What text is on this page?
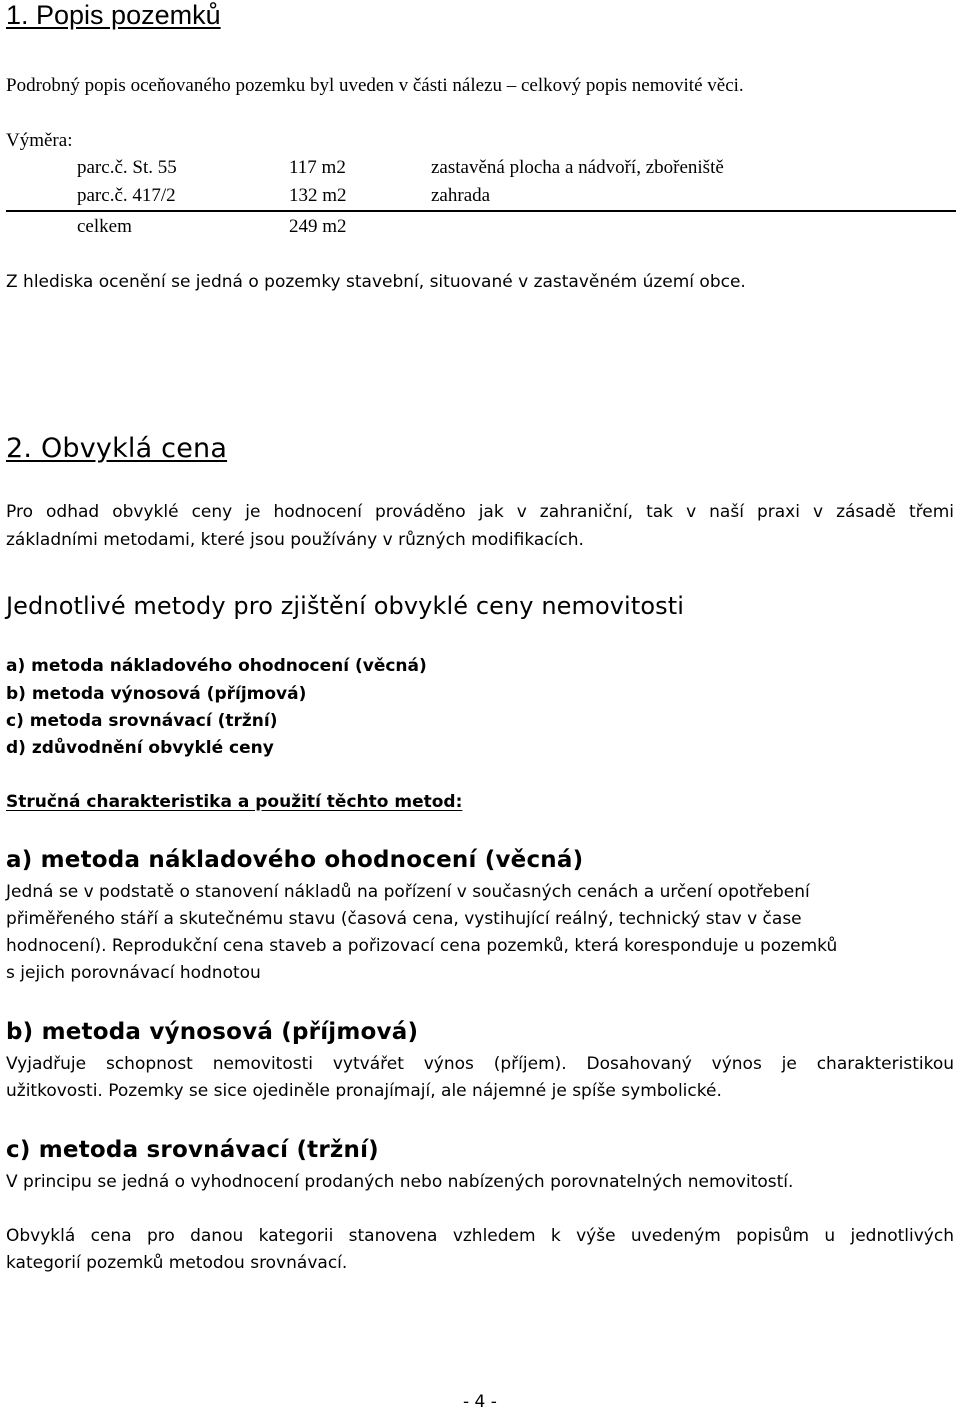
1. Popis pozemků
Podrobný popis oceňovaného pozemku byl uveden v části nálezu – celkový popis nemovité věci.
Výměra:
parc.č. St. 55	117 m2	zastavěná plocha a nádvoří, zbořeniště
parc.č. 417/2	132 m2	zahrada
celkem	249 m2
Z hlediska ocenění se jedná o pozemky stavební, situované v zastavěném území obce.
2. Obvyklá cena
Pro odhad obvyklé ceny je hodnocení prováděno jak v zahraniční, tak v naší praxi v zásadě třemi
základními metodami, které jsou používány v různých modifikacích.
Jednotlivé metody pro zjištění obvyklé ceny nemovitosti
a) metoda nákladového ohodnocení (věcná)
b) metoda výnosová (příjmová)
c) metoda srovnávací (tržní)
d) zdůvodnění obvyklé ceny
Stručná charakteristika a použití těchto metod:
a) metoda nákladového ohodnocení (věcná)
Jedná se v podstatě o stanovení nákladů na pořízení v současných cenách a určení opotřebení
přiměřeného stáří a skutečnému stavu (časová cena, vystihující reálný, technický stav v čase
hodnocení). Reprodukční cena staveb a pořizovací cena pozemků, která koresponduje u pozemků
s jejich porovnávací hodnotou
b) metoda výnosová (příjmová)
Vyjadřuje schopnost nemovitosti vytvářet výnos (příjem). Dosahovaný výnos je charakteristikou
užitkovosti. Pozemky se sice ojediněle pronajímají, ale nájemné je spíše symbolické.
c) metoda srovnávací (tržní)
V principu se jedná o vyhodnocení prodaných nebo nabízených porovnatelných nemovitostí.
Obvyklá cena pro danou kategorii stanovena vzhledem k výše uvedeným popisům u jednotlivých
kategorií pozemků metodou srovnávací.
- 4 -
